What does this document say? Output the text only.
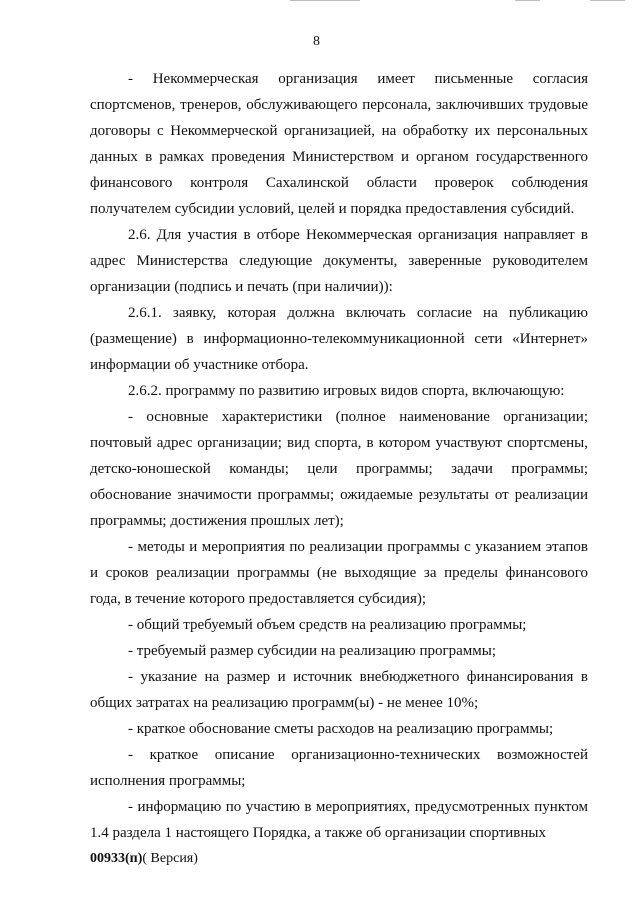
8

- Некоммерческая организация имеет письменные согласия спортсменов, тренеров, обслуживающего персонала, заключивших трудовые договоры с Некоммерческой организацией, на обработку их персональных данных в рамках проведения Министерством и органом государственного финансового контроля Сахалинской области проверок соблюдения получателем субсидии условий, целей и порядка предоставления субсидий.

2.6. Для участия в отборе Некоммерческая организация направляет в адрес Министерства следующие документы, заверенные руководителем организации (подпись и печать (при наличии)):

2.6.1. заявку, которая должна включать согласие на публикацию (размещение) в информационно-телекоммуникационной сети «Интернет» информации об участнике отбора.

2.6.2. программу по развитию игровых видов спорта, включающую:

- основные характеристики (полное наименование организации; почтовый адрес организации; вид спорта, в котором участвуют спортсмены, детско-юношеской команды; цели программы; задачи программы; обоснование значимости программы; ожидаемые результаты от реализации программы; достижения прошлых лет);

- методы и мероприятия по реализации программы с указанием этапов и сроков реализации программы (не выходящие за пределы финансового года, в течение которого предоставляется субсидия);

- общий требуемый объем средств на реализацию программы;

- требуемый размер субсидии на реализацию программы;

- указание на размер и источник внебюджетного финансирования в общих затратах на реализацию программ(ы) - не менее 10%;

- краткое обоснование сметы расходов на реализацию программы;

- краткое описание организационно-технических возможностей исполнения программы;

- информацию по участию в мероприятиях, предусмотренных пунктом 1.4 раздела 1 настоящего Порядка, а также об организации спортивных

00933(п)( Версия)
